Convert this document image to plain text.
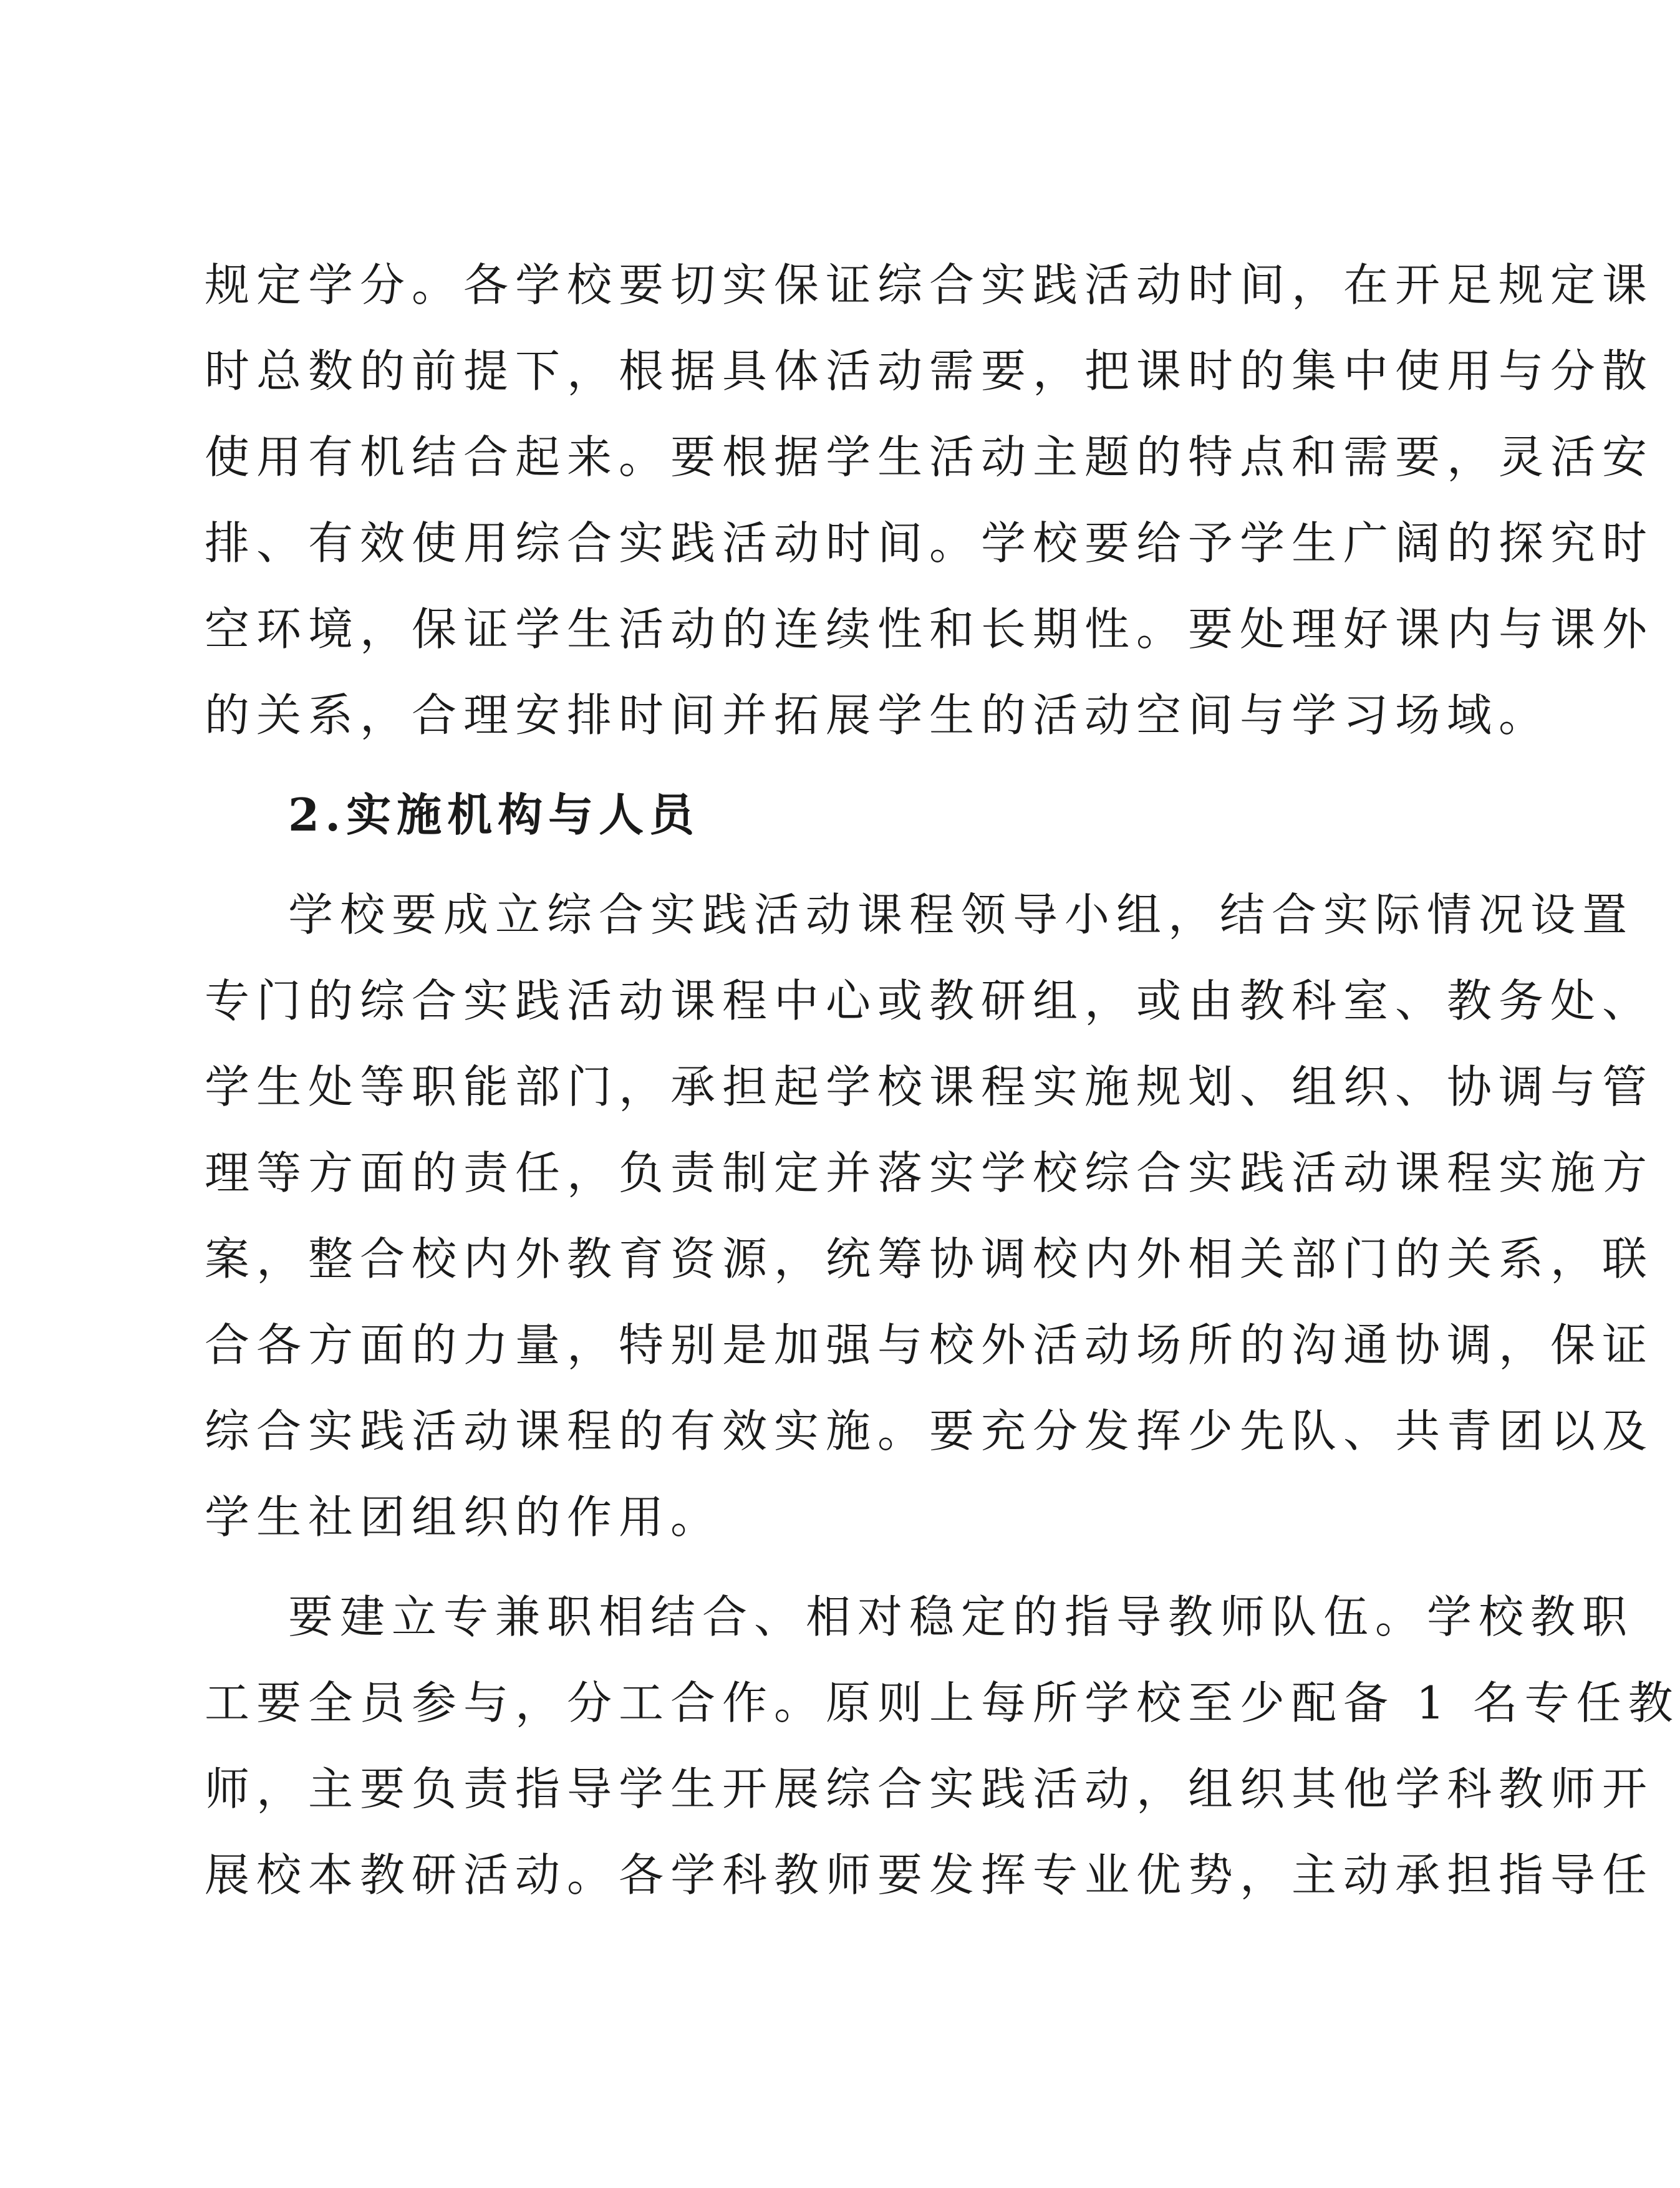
规定学分。各学校要切实保证综合实践活动时间，在开足规定课
时总数的前提下，根据具体活动需要，把课时的集中使用与分散
使用有机结合起来。要根据学生活动主题的特点和需要，灵活安
排、有效使用综合实践活动时间。学校要给予学生广阔的探究时
空环境，保证学生活动的连续性和长期性。要处理好课内与课外
的关系，合理安排时间并拓展学生的活动空间与学习场域。
2.实施机构与人员
学校要成立综合实践活动课程领导小组，结合实际情况设置
专门的综合实践活动课程中心或教研组，或由教科室、教务处、
学生处等职能部门，承担起学校课程实施规划、组织、协调与管
理等方面的责任，负责制定并落实学校综合实践活动课程实施方
案，整合校内外教育资源，统筹协调校内外相关部门的关系，联
合各方面的力量，特别是加强与校外活动场所的沟通协调，保证
综合实践活动课程的有效实施。要充分发挥少先队、共青团以及
学生社团组织的作用。
要建立专兼职相结合、相对稳定的指导教师队伍。学校教职
工要全员参与，分工合作。原则上每所学校至少配备 1 名专任教
师，主要负责指导学生开展综合实践活动，组织其他学科教师开
展校本教研活动。各学科教师要发挥专业优势，主动承担指导任
